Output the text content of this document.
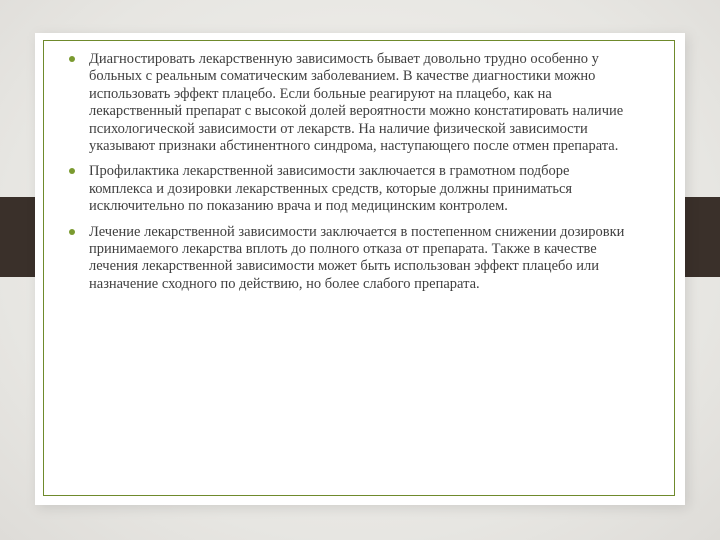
Диагностировать лекарственную зависимость бывает довольно трудно особенно у больных с реальным соматическим заболеванием. В качестве диагностики можно использовать эффект плацебо. Если больные реагируют на плацебо, как на лекарственный препарат с высокой долей вероятности можно констатировать наличие психологической зависимости от лекарств. На наличие физической зависимости указывают признаки абстинентного синдрома, наступающего после отмен препарата.
Профилактика лекарственной зависимости заключается в грамотном подборе комплекса и дозировки лекарственных средств, которые должны приниматься исключительно по показанию врача и под медицинским контролем.
Лечение лекарственной зависимости заключается в постепенном снижении дозировки принимаемого лекарства вплоть до полного отказа от препарата. Также в качестве лечения лекарственной зависимости может быть использован эффект плацебо или назначение сходного по действию, но более слабого препарата.
